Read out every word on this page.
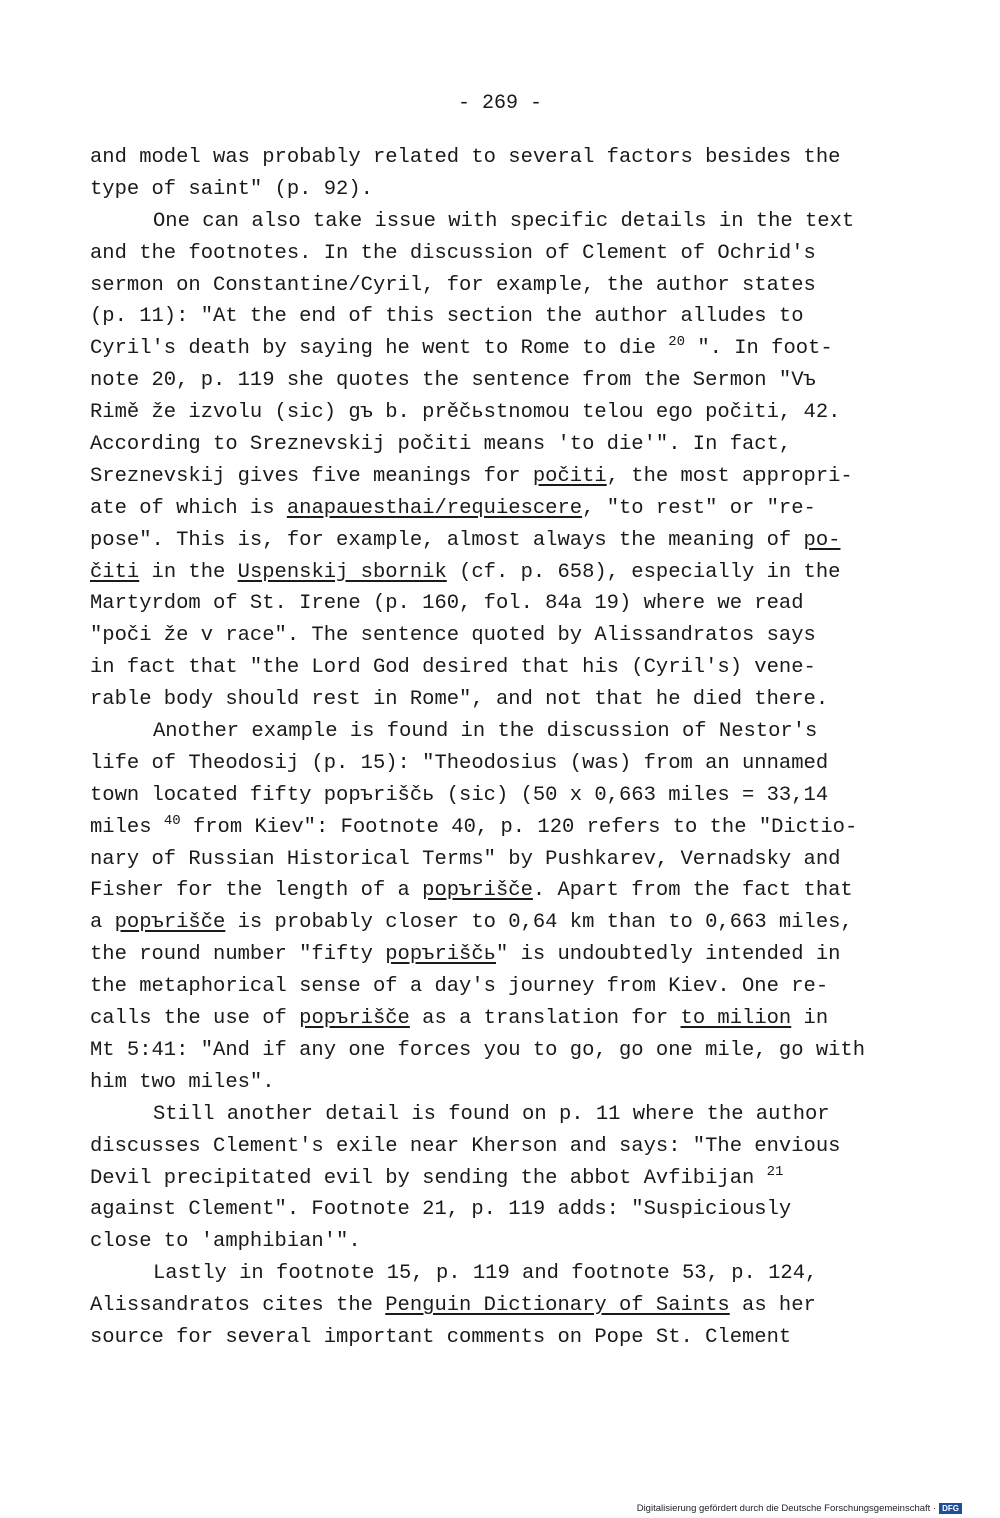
- 269 -
and model was probably related to several factors besides the
type of saint" (p. 92).
One can also take issue with specific details in the text
and the footnotes. In the discussion of Clement of Ochrid's
sermon on Constantine/Cyril, for example, the author states
(p. 11): "At the end of this section the author alludes to
Cyril's death by saying he went to Rome to die $^{20}$ ". In foot-
note 20, p. 119 she quotes the sentence from the Sermon "Vъ
Rimě že izvolu (sic) gъ b. prěčьstnomou telou ego počiti, 42.
According to Sreznevskij počiti means 'to die'". In fact,
Sreznevskij gives five meanings for počiti, the most appropri-
ate of which is anapauesthai/requiescere, "to rest" or "re-
pose". This is, for example, almost always the meaning of po-
čiti in the Uspenskij sbornik (cf. p. 658), especially in the
Martyrdom of St. Irene (p. 160, fol. 84a 19) where we read
"poči že v race". The sentence quoted by Alissandratos says
in fact that "the Lord God desired that his (Cyril's) vene-
rable body should rest in Rome", and not that he died there.
Another example is found in the discussion of Nestor's
life of Theodosij (p. 15): "Theodosius (was) from an unnamed
town located fifty popъriščь (sic) (50 x 0,663 miles = 33,14
miles $^{40}$ from Kiev": Footnote 40, p. 120 refers to the "Dictio-
nary of Russian Historical Terms" by Pushkarev, Vernadsky and
Fisher for the length of a popъrišče. Apart from the fact that
a popъrišče is probably closer to 0,64 km than to 0,663 miles,
the round number "fifty popъriščь" is undoubtedly intended in
the metaphorical sense of a day's journey from Kiev. One re-
calls the use of popъrišče as a translation for to milion in
Mt 5:41: "And if any one forces you to go, go one mile, go with
him two miles".
Still another detail is found on p. 11 where the author
discusses Clement's exile near Kherson and says: "The envious
Devil precipitated evil by sending the abbot Avfibijan $^{21}$
against Clement". Footnote 21, p. 119 adds: "Suspiciously
close to 'amphibian'".
Lastly in footnote 15, p. 119 and footnote 53, p. 124,
Alissandratos cites the Penguin Dictionary of Saints as her
source for several important comments on Pope St. Clement
Digitalisierung gefördert durch die Deutsche Forschungsgemeinschaft · DFG
